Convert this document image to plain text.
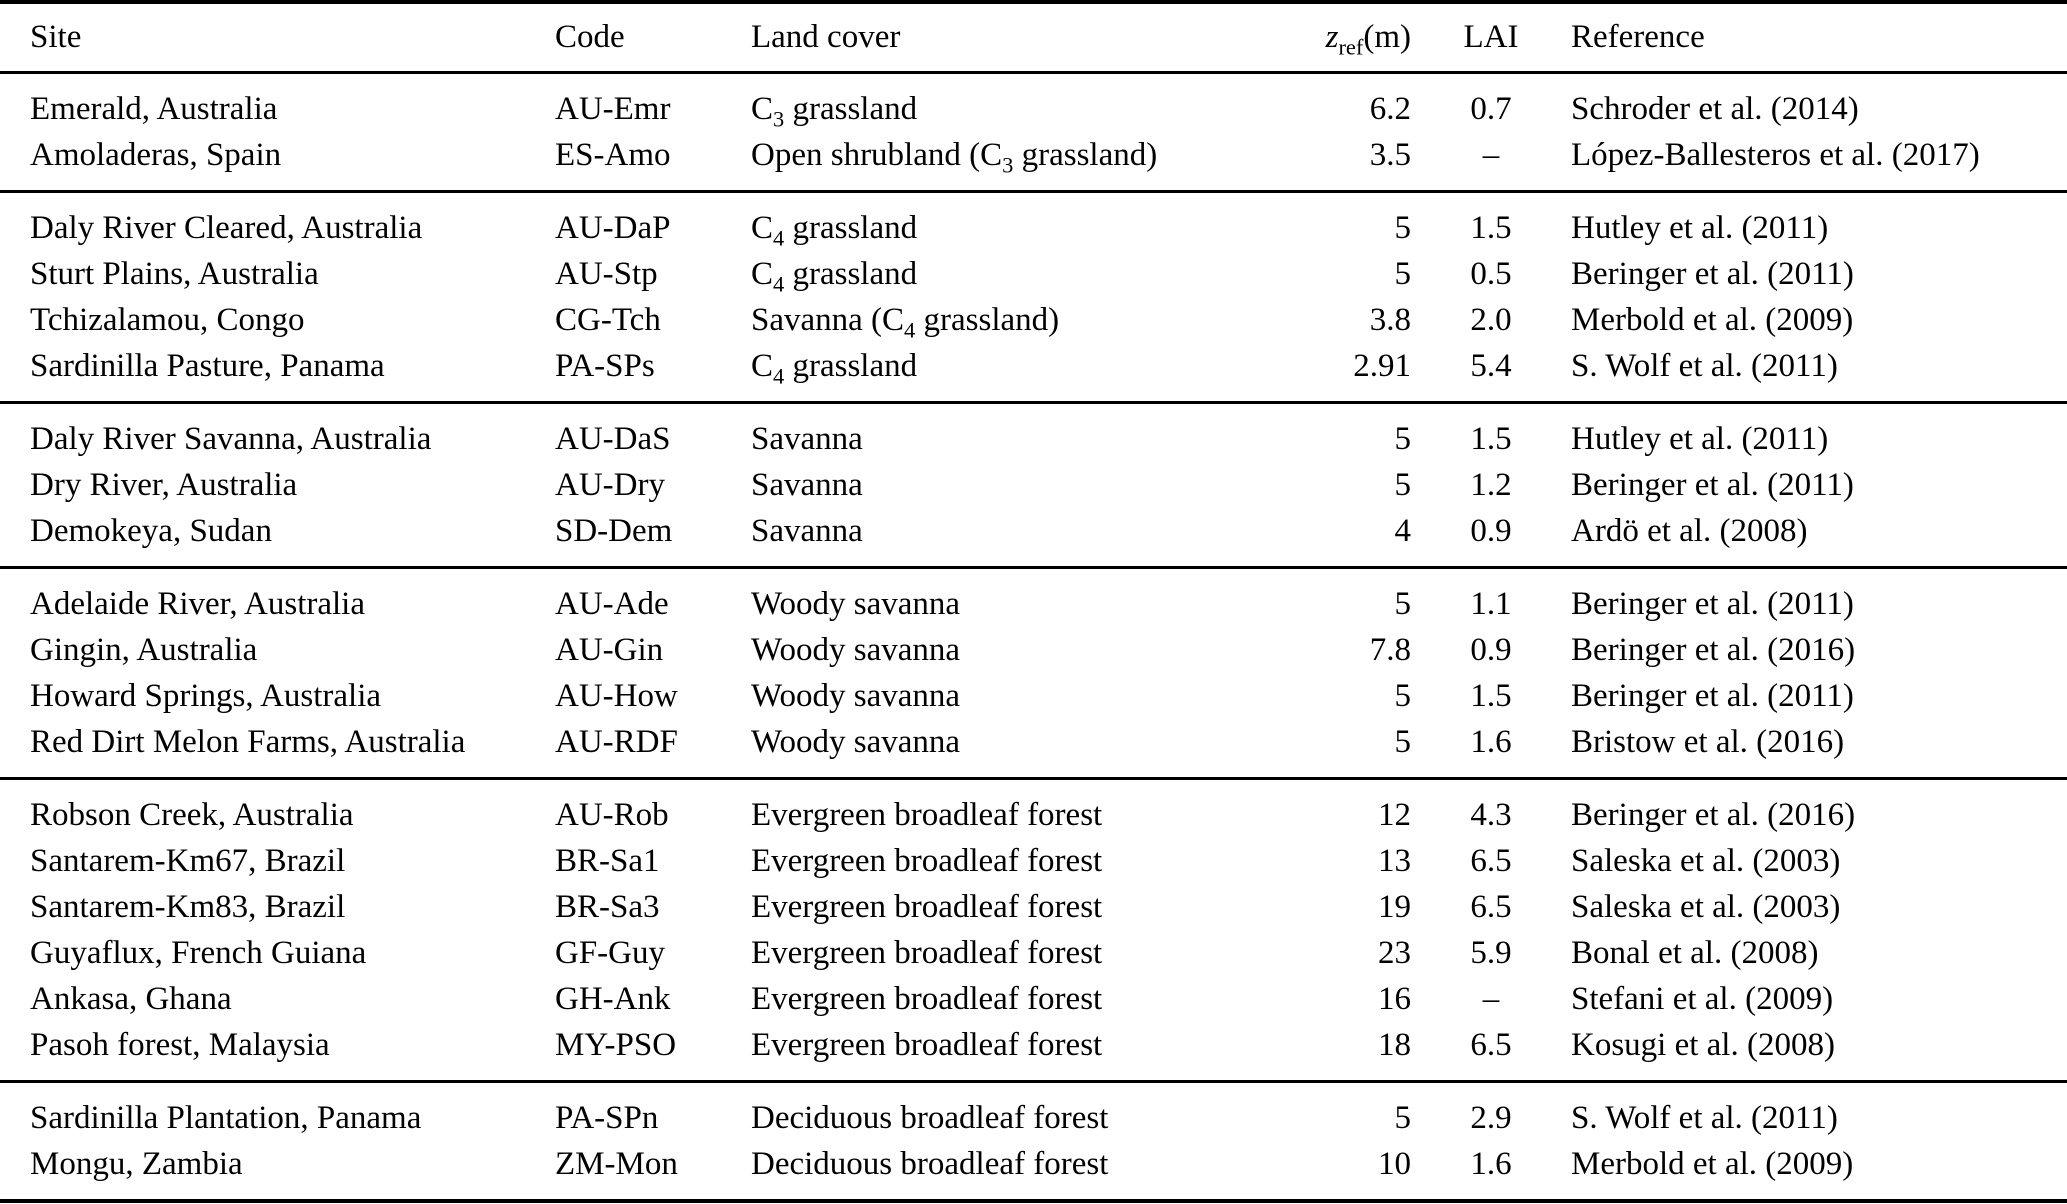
Site	Code	Land cover	$z_{ref}(m)$	LAI	Reference
Emerald, Australia	AU-Emr	$C_3$ grassland	6.2	0.7	Schroder et al. (2014)
Amoladeras, Spain	ES-Amo	Open shrubland ($C_3$ grassland)	3.5	–	López-Ballesteros et al. (2017)
Daly River Cleared, Australia	AU-DaP	$C_4$ grassland	5	1.5	Hutley et al. (2011)
Sturt Plains, Australia	AU-Stp	$C_4$ grassland	5	0.5	Beringer et al. (2011)
Tchizalamou, Congo	CG-Tch	Savanna ($C_4$ grassland)	3.8	2.0	Merbold et al. (2009)
Sardinilla Pasture, Panama	PA-SPs	$C_4$ grassland	2.91	5.4	S. Wolf et al. (2011)
Daly River Savanna, Australia	AU-DaS	Savanna	5	1.5	Hutley et al. (2011)
Dry River, Australia	AU-Dry	Savanna	5	1.2	Beringer et al. (2011)
Demokeya, Sudan	SD-Dem	Savanna	4	0.9	Ardö et al. (2008)
Adelaide River, Australia	AU-Ade	Woody savanna	5	1.1	Beringer et al. (2011)
Gingin, Australia	AU-Gin	Woody savanna	7.8	0.9	Beringer et al. (2016)
Howard Springs, Australia	AU-How	Woody savanna	5	1.5	Beringer et al. (2011)
Red Dirt Melon Farms, Australia	AU-RDF	Woody savanna	5	1.6	Bristow et al. (2016)
Robson Creek, Australia	AU-Rob	Evergreen broadleaf forest	12	4.3	Beringer et al. (2016)
Santarem-Km67, Brazil	BR-Sa1	Evergreen broadleaf forest	13	6.5	Saleska et al. (2003)
Santarem-Km83, Brazil	BR-Sa3	Evergreen broadleaf forest	19	6.5	Saleska et al. (2003)
Guyaflux, French Guiana	GF-Guy	Evergreen broadleaf forest	23	5.9	Bonal et al. (2008)
Ankasa, Ghana	GH-Ank	Evergreen broadleaf forest	16	–	Stefani et al. (2009)
Pasoh forest, Malaysia	MY-PSO	Evergreen broadleaf forest	18	6.5	Kosugi et al. (2008)
Sardinilla Plantation, Panama	PA-SPn	Deciduous broadleaf forest	5	2.9	S. Wolf et al. (2011)
Mongu, Zambia	ZM-Mon	Deciduous broadleaf forest	10	1.6	Merbold et al. (2009)
